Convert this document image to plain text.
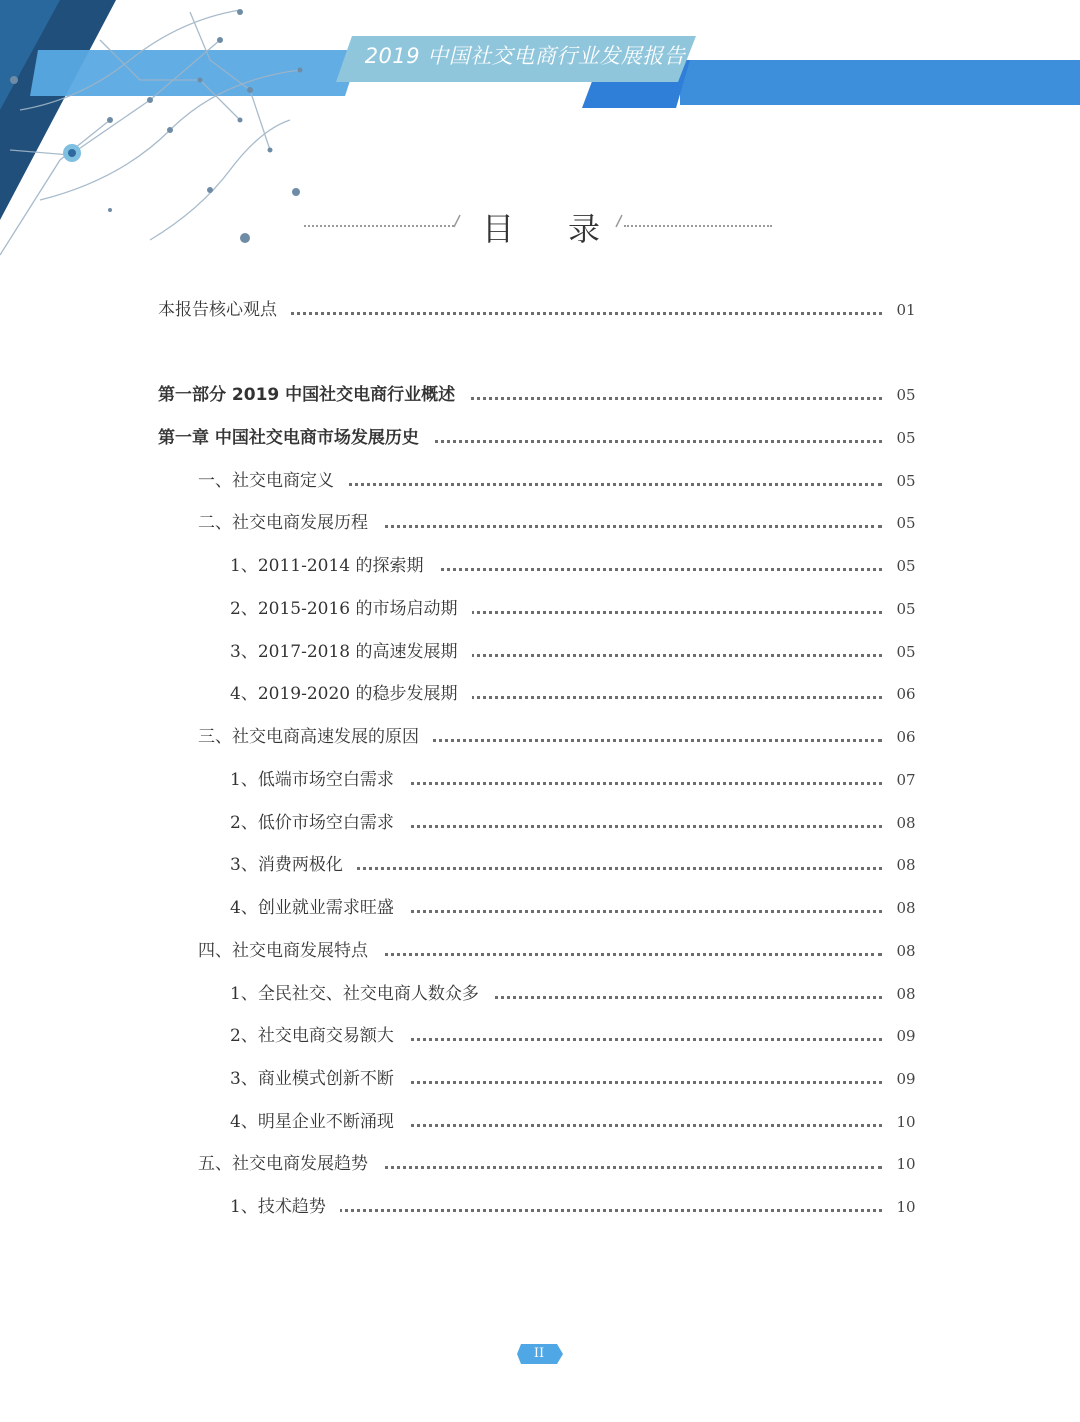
2019 中国社交电商行业发展报告
目 录
本报告核心观点	01
第一部分 2019 中国社交电商行业概述	05
第一章 中国社交电商市场发展历史	05
一、社交电商定义	05
二、社交电商发展历程	05
1、2011-2014 的探索期	05
2、2015-2016 的市场启动期	05
3、2017-2018 的高速发展期	05
4、2019-2020 的稳步发展期	06
三、社交电商高速发展的原因	06
1、低端市场空白需求	07
2、低价市场空白需求	08
3、消费两极化	08
4、创业就业需求旺盛	08
四、社交电商发展特点	08
1、全民社交、社交电商人数众多	08
2、社交电商交易额大	09
3、商业模式创新不断	09
4、明星企业不断涌现	10
五、社交电商发展趋势	10
1、技术趋势	10
II
